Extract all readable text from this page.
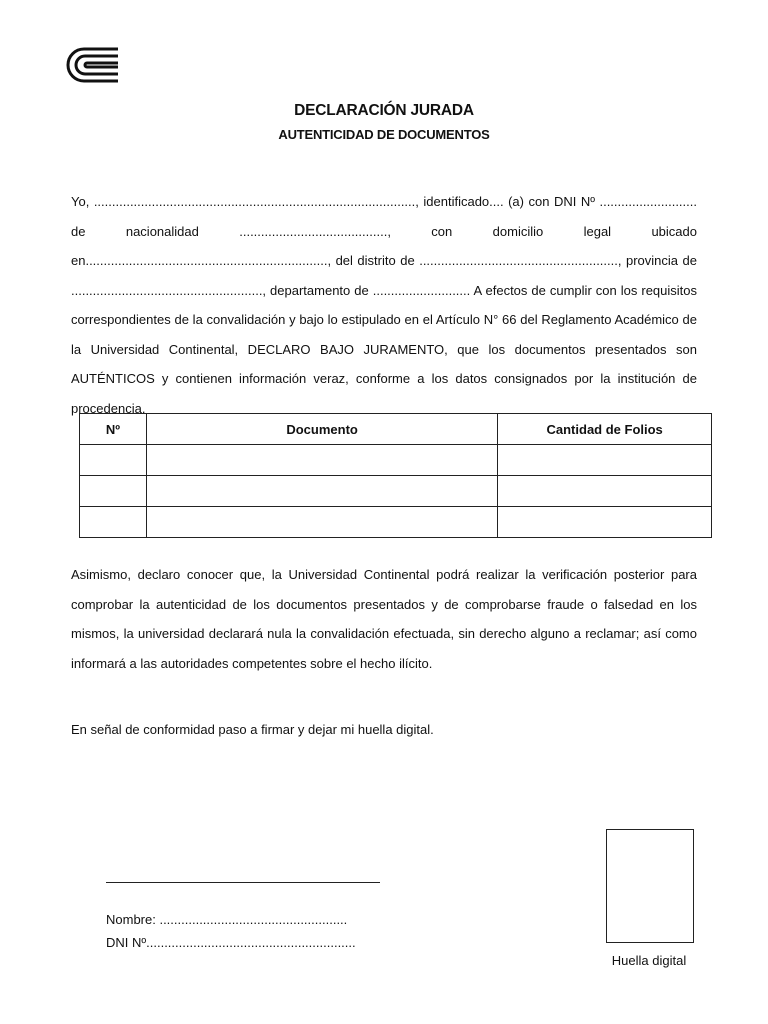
DECLARACIÓN JURADA
AUTENTICIDAD DE DOCUMENTOS
Yo, ........................................................................................., identificado.... (a) con DNI Nº ........................... de nacionalidad ........................................., con domicilio legal ubicado en..................................................................., del distrito de ......................................................., provincia de ....................................................., departamento de ........................... A efectos de cumplir con los requisitos correspondientes de la convalidación y bajo lo estipulado en el Artículo N° 66 del Reglamento Académico de la Universidad Continental, DECLARO BAJO JURAMENTO, que los documentos presentados son AUTÉNTICOS y contienen información veraz, conforme a los datos consignados por la institución de procedencia.
Nº	Documento	Cantidad de Folios

Asimismo, declaro conocer que, la Universidad Continental podrá realizar la verificación posterior para comprobar la autenticidad de los documentos presentados y de comprobarse fraude o falsedad en los mismos, la universidad declarará nula la convalidación efectuada, sin derecho alguno a reclamar; así como informará a las autoridades competentes sobre el hecho ilícito.
En señal de conformidad paso a firmar y dejar mi huella digital.
Nombre: ....................................................
DNI Nº..........................................................
Huella digital
